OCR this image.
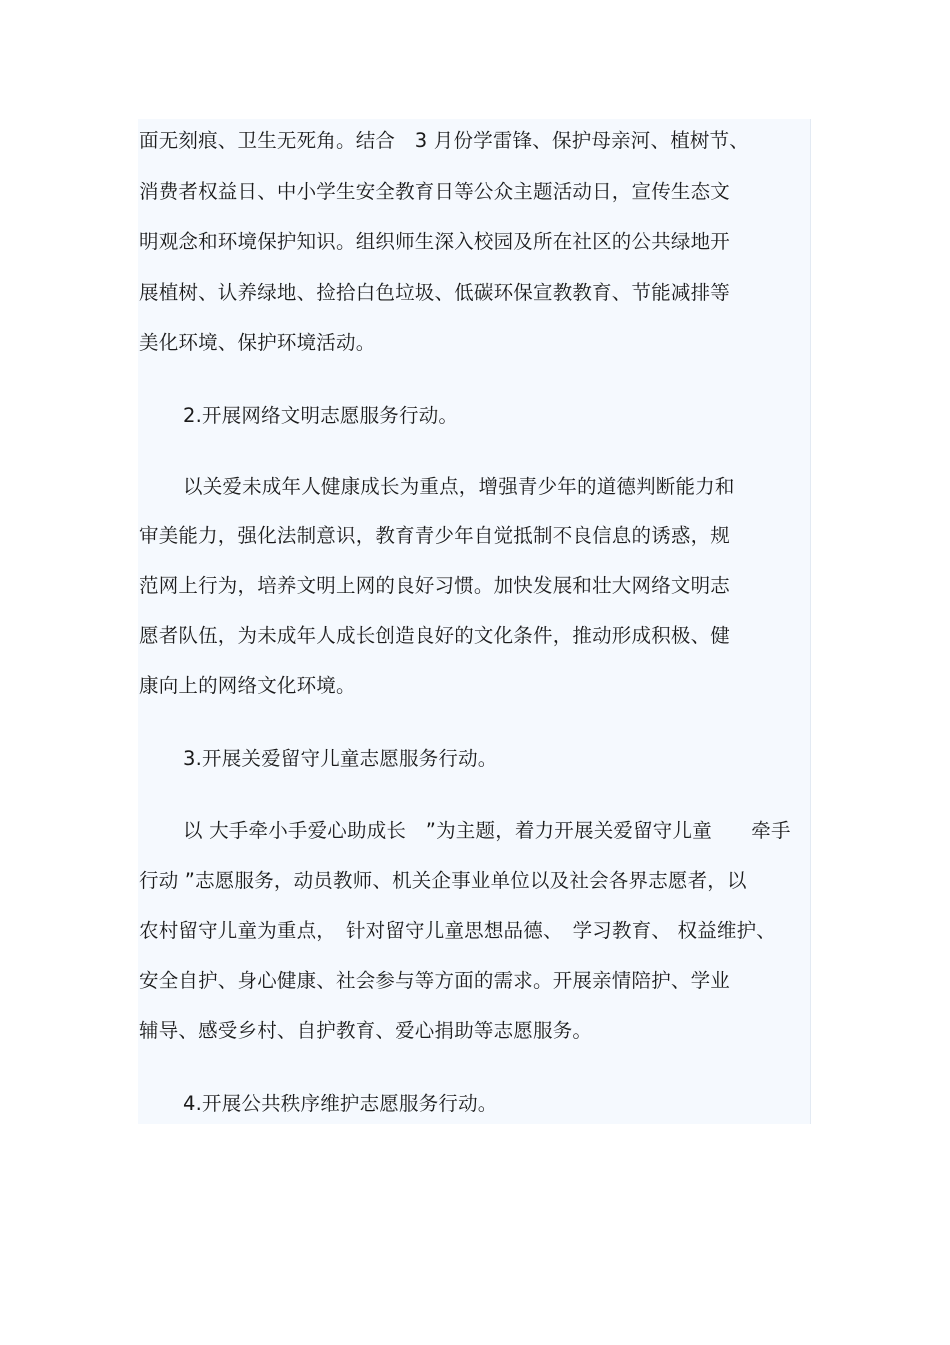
面无刻痕、卫生无死角。结合　3 月份学雷锋、保护母亲河、植树节、
消费者权益日、中小学生安全教育日等公众主题活动日，宣传生态文
明观念和环境保护知识。组织师生深入校园及所在社区的公共绿地开
展植树、认养绿地、捡拾白色垃圾、低碳环保宣教教育、节能减排等
美化环境、保护环境活动。
2.开展网络文明志愿服务行动。
以关爱未成年人健康成长为重点，增强青少年的道德判断能力和
审美能力，强化法制意识，教育青少年自觉抵制不良信息的诱惑，规
范网上行为，培养文明上网的良好习惯。加快发展和壮大网络文明志
愿者队伍，为未成年人成长创造良好的文化条件，推动形成积极、健
康向上的网络文化环境。
3.开展关爱留守儿童志愿服务行动。
以 大手牵小手爱心助成长　”为主题，着力开展关爱留守儿童　　牵手
行动 ”志愿服务，动员教师、机关企事业单位以及社会各界志愿者，以
农村留守儿童为重点，　针对留守儿童思想品德、　学习教育、 权益维护、
安全自护、身心健康、社会参与等方面的需求。开展亲情陪护、学业
辅导、感受乡村、自护教育、爱心捐助等志愿服务。
4.开展公共秩序维护志愿服务行动。
